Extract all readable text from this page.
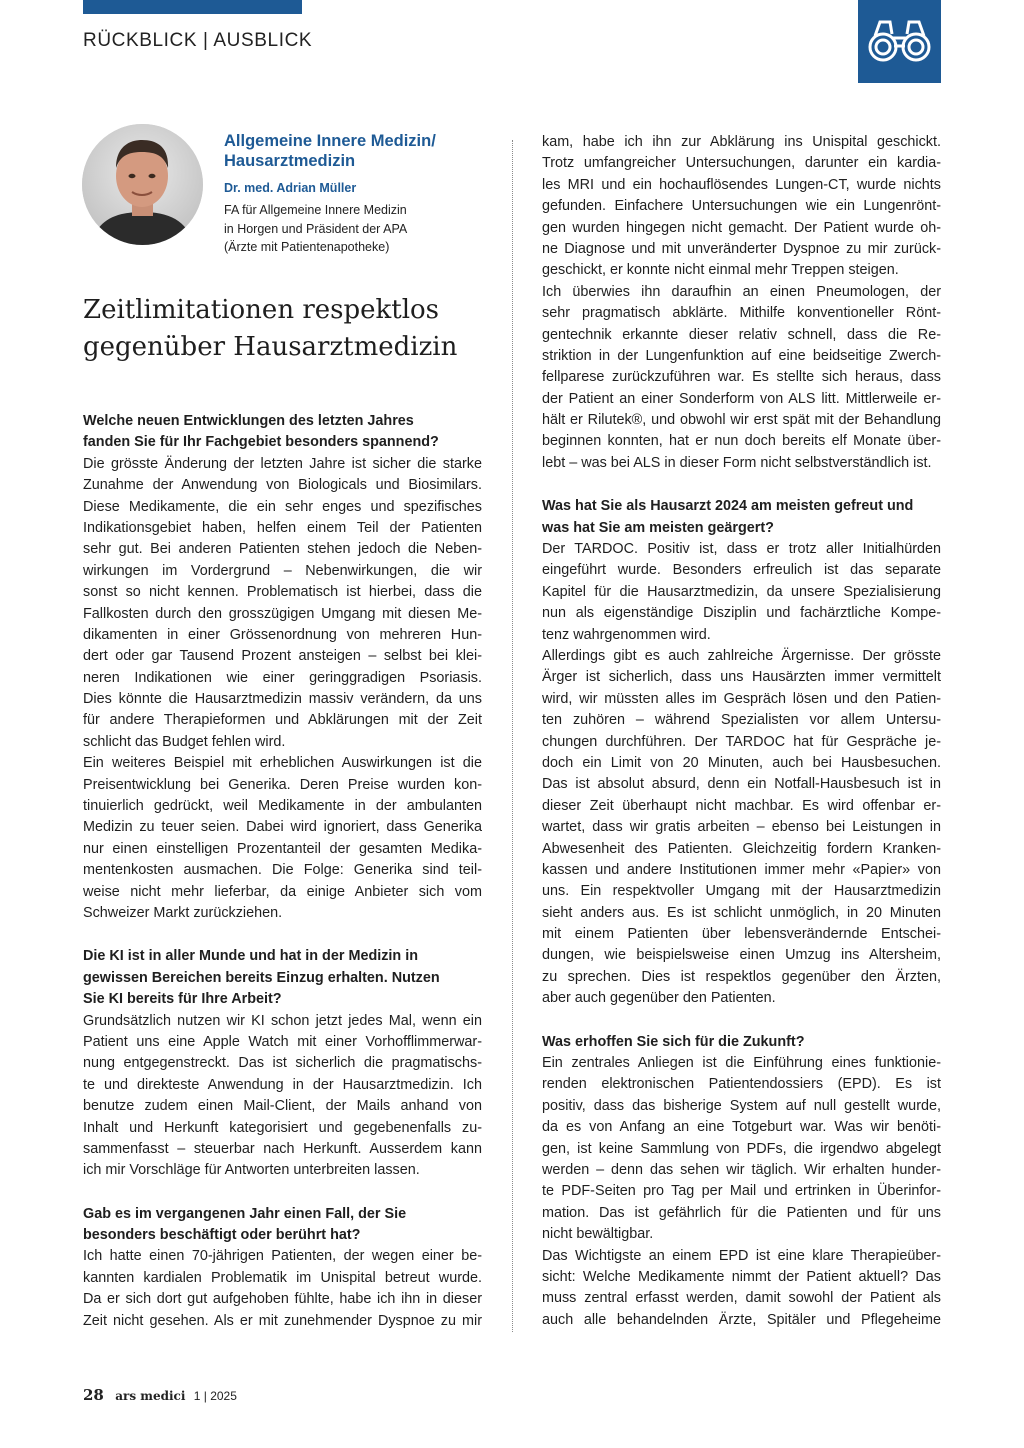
RÜCKBLICK | AUSBLICK
Allgemeine Innere Medizin/
Hausarztmedizin
Dr. med. Adrian Müller
FA für Allgemeine Innere Medizin
in Horgen und Präsident der APA
(Ärzte mit Patientenapotheke)
Zeitlimitationen respektlos
gegenüber Hausarztmedizin
Welche neuen Entwicklungen des letzten Jahres
fanden Sie für Ihr Fachgebiet besonders spannend?
Die grösste Änderung der letzten Jahre ist sicher die starke
Zunahme der Anwendung von Biologicals und Biosimilars.
Diese Medikamente, die ein sehr enges und spezifisches
Indikationsgebiet haben, helfen einem Teil der Patienten
sehr gut. Bei anderen Patienten stehen jedoch die Neben-
wirkungen im Vordergrund – Nebenwirkungen, die wir
sonst so nicht kennen. Problematisch ist hierbei, dass die
Fallkosten durch den grosszügigen Umgang mit diesen Me-
dikamenten in einer Grössenordnung von mehreren Hun-
dert oder gar Tausend Prozent ansteigen – selbst bei klei-
neren Indikationen wie einer geringgradigen Psoriasis.
Dies könnte die Hausarztmedizin massiv verändern, da uns
für andere Therapieformen und Abklärungen mit der Zeit
schlicht das Budget fehlen wird.
Ein weiteres Beispiel mit erheblichen Auswirkungen ist die
Preisentwicklung bei Generika. Deren Preise wurden kon-
tinuierlich gedrückt, weil Medikamente in der ambulanten
Medizin zu teuer seien. Dabei wird ignoriert, dass Generika
nur einen einstelligen Prozentanteil der gesamten Medika-
mentenkosten ausmachen. Die Folge: Generika sind teil-
weise nicht mehr lieferbar, da einige Anbieter sich vom
Schweizer Markt zurückziehen.
Die KI ist in aller Munde und hat in der Medizin in
gewissen Bereichen bereits Einzug erhalten. Nutzen
Sie KI bereits für Ihre Arbeit?
Grundsätzlich nutzen wir KI schon jetzt jedes Mal, wenn ein
Patient uns eine Apple Watch mit einer Vorhofflimmerwar-
nung entgegenstreckt. Das ist sicherlich die pragmatischs-
te und direkteste Anwendung in der Hausarztmedizin. Ich
benutze zudem einen Mail-Client, der Mails anhand von
Inhalt und Herkunft kategorisiert und gegebenenfalls zu-
sammenfasst – steuerbar nach Herkunft. Ausserdem kann
ich mir Vorschläge für Antworten unterbreiten lassen.
Gab es im vergangenen Jahr einen Fall, der Sie
besonders beschäftigt oder berührt hat?
Ich hatte einen 70-jährigen Patienten, der wegen einer be-
kannten kardialen Problematik im Unispital betreut wurde.
Da er sich dort gut aufgehoben fühlte, habe ich ihn in dieser
Zeit nicht gesehen. Als er mit zunehmender Dyspnoe zu mir
kam, habe ich ihn zur Abklärung ins Unispital geschickt.
Trotz umfangreicher Untersuchungen, darunter ein kardia-
les MRI und ein hochauflösendes Lungen-CT, wurde nichts
gefunden. Einfachere Untersuchungen wie ein Lungenrönt-
gen wurden hingegen nicht gemacht. Der Patient wurde oh-
ne Diagnose und mit unveränderter Dyspnoe zu mir zurück-
geschickt, er konnte nicht einmal mehr Treppen steigen.
Ich überwies ihn daraufhin an einen Pneumologen, der
sehr pragmatisch abklärte. Mithilfe konventioneller Rönt-
gentechnik erkannte dieser relativ schnell, dass die Re-
striktion in der Lungenfunktion auf eine beidseitige Zwerch-
fellparese zurückzuführen war. Es stellte sich heraus, dass
der Patient an einer Sonderform von ALS litt. Mittlerweile er-
hält er Rilutek®, und obwohl wir erst spät mit der Behandlung
beginnen konnten, hat er nun doch bereits elf Monate über-
lebt – was bei ALS in dieser Form nicht selbstverständlich ist.
Was hat Sie als Hausarzt 2024 am meisten gefreut und
was hat Sie am meisten geärgert?
Der TARDOC. Positiv ist, dass er trotz aller Initialhürden
eingeführt wurde. Besonders erfreulich ist das separate
Kapitel für die Hausarztmedizin, da unsere Spezialisierung
nun als eigenständige Disziplin und fachärztliche Kompe-
tenz wahrgenommen wird.
Allerdings gibt es auch zahlreiche Ärgernisse. Der grösste
Ärger ist sicherlich, dass uns Hausärzten immer vermittelt
wird, wir müssten alles im Gespräch lösen und den Patien-
ten zuhören – während Spezialisten vor allem Untersu-
chungen durchführen. Der TARDOC hat für Gespräche je-
doch ein Limit von 20 Minuten, auch bei Hausbesuchen.
Das ist absolut absurd, denn ein Notfall-Hausbesuch ist in
dieser Zeit überhaupt nicht machbar. Es wird offenbar er-
wartet, dass wir gratis arbeiten – ebenso bei Leistungen in
Abwesenheit des Patienten. Gleichzeitig fordern Kranken-
kassen und andere Institutionen immer mehr «Papier» von
uns. Ein respektvoller Umgang mit der Hausarztmedizin
sieht anders aus. Es ist schlicht unmöglich, in 20 Minuten
mit einem Patienten über lebensverändernde Entschei-
dungen, wie beispielsweise einen Umzug ins Altersheim,
zu sprechen. Dies ist respektlos gegenüber den Ärzten,
aber auch gegenüber den Patienten.
Was erhoffen Sie sich für die Zukunft?
Ein zentrales Anliegen ist die Einführung eines funktionie-
renden elektronischen Patientendossiers (EPD). Es ist
positiv, dass das bisherige System auf null gestellt wurde,
da es von Anfang an eine Totgeburt war. Was wir benöti-
gen, ist keine Sammlung von PDFs, die irgendwo abgelegt
werden – denn das sehen wir täglich. Wir erhalten hunder-
te PDF-Seiten pro Tag per Mail und ertrinken in Überinfor-
mation. Das ist gefährlich für die Patienten und für uns
nicht bewältigbar.
Das Wichtigste an einem EPD ist eine klare Therapieüber-
sicht: Welche Medikamente nimmt der Patient aktuell? Das
muss zentral erfasst werden, damit sowohl der Patient als
auch alle behandelnden Ärzte, Spitäler und Pflegeheime
28 ars medici 1 | 2025
